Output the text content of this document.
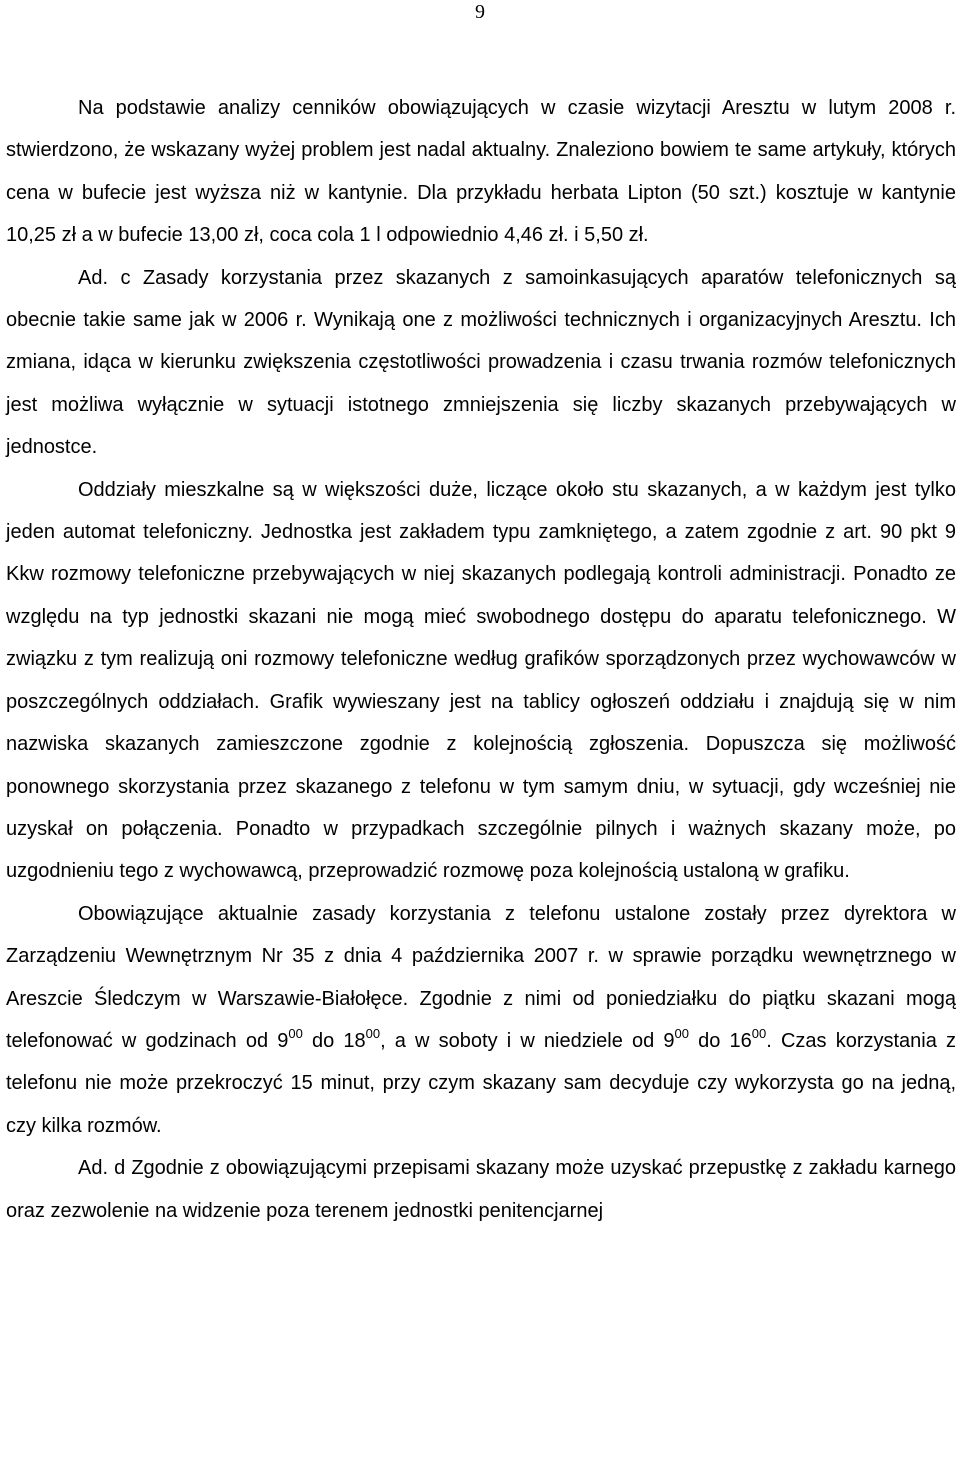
9

Na podstawie analizy cenników obowiązujących w czasie wizytacji Aresztu w lutym 2008 r. stwierdzono, że wskazany wyżej problem jest nadal aktualny. Znaleziono bowiem te same artykuły, których cena w bufecie jest wyższa niż w kantynie. Dla przykładu herbata Lipton (50 szt.) kosztuje w kantynie 10,25 zł a w bufecie 13,00 zł, coca cola 1 l odpowiednio 4,46 zł. i 5,50 zł.

Ad. c Zasady korzystania przez skazanych z samoinkasujących aparatów telefonicznych są obecnie takie same jak w 2006 r. Wynikają one z możliwości technicznych i organizacyjnych Aresztu. Ich zmiana, idąca w kierunku zwiększenia częstotliwości prowadzenia i czasu trwania rozmów telefonicznych jest możliwa wyłącznie w sytuacji istotnego zmniejszenia się liczby skazanych przebywających w jednostce.

Oddziały mieszkalne są w większości duże, liczące około stu skazanych, a w każdym jest tylko jeden automat telefoniczny. Jednostka jest zakładem typu zamkniętego, a zatem zgodnie z art. 90 pkt 9 Kkw rozmowy telefoniczne przebywających w niej skazanych podlegają kontroli administracji. Ponadto ze względu na typ jednostki skazani nie mogą mieć swobodnego dostępu do aparatu telefonicznego. W związku z tym realizują oni rozmowy telefoniczne według grafików sporządzonych przez wychowawców w poszczególnych oddziałach. Grafik wywieszany jest na tablicy ogłoszeń oddziału i znajdują się w nim nazwiska skazanych zamieszczone zgodnie z kolejnością zgłoszenia. Dopuszcza się możliwość ponownego skorzystania przez skazanego z telefonu w tym samym dniu, w sytuacji, gdy wcześniej nie uzyskał on połączenia. Ponadto w przypadkach szczególnie pilnych i ważnych skazany może, po uzgodnieniu tego z wychowawcą, przeprowadzić rozmowę poza kolejnością ustaloną w grafiku.

Obowiązujące aktualnie zasady korzystania z telefonu ustalone zostały przez dyrektora w Zarządzeniu Wewnętrznym Nr 35 z dnia 4 października 2007 r. w sprawie porządku wewnętrznego w Areszcie Śledczym w Warszawie-Białołęce. Zgodnie z nimi od poniedziałku do piątku skazani mogą telefonować w godzinach od $9^{00}$ do $18^{00}$, a w soboty i w niedziele od $9^{00}$ do $16^{00}$. Czas korzystania z telefonu nie może przekroczyć 15 minut, przy czym skazany sam decyduje czy wykorzysta go na jedną, czy kilka rozmów.

Ad. d Zgodnie z obowiązującymi przepisami skazany może uzyskać przepustkę z zakładu karnego oraz zezwolenie na widzenie poza terenem jednostki penitencjarnej
